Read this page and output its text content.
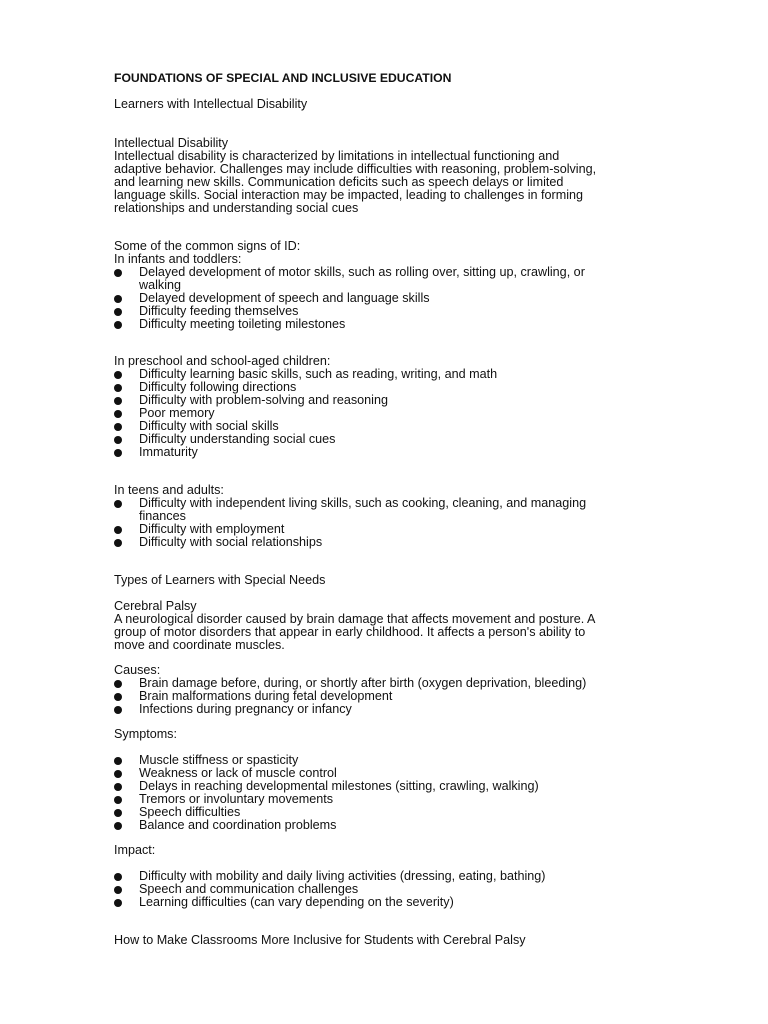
FOUNDATIONS OF SPECIAL AND INCLUSIVE EDUCATION

Learners with Intellectual Disability

Intellectual Disability

Intellectual disability is characterized by limitations in intellectual functioning and

adaptive behavior. Challenges may include difficulties with reasoning, problem-solving,

and learning new skills. Communication deficits such as speech delays or limited

language skills. Social interaction may be impacted, leading to challenges in forming

relationships and understanding social cues

Some of the common signs of ID:

In infants and toddlers:

Delayed development of motor skills, such as rolling over, sitting up, crawling, or
walking
Delayed development of speech and language skills
Difficulty feeding themselves
Difficulty meeting toileting milestones

In preschool and school-aged children:

Difficulty learning basic skills, such as reading, writing, and math
Difficulty following directions
Difficulty with problem-solving and reasoning
Poor memory
Difficulty with social skills
Difficulty understanding social cues
Immaturity

In teens and adults:

Difficulty with independent living skills, such as cooking, cleaning, and managing
finances
Difficulty with employment
Difficulty with social relationships

Types of Learners with Special Needs

Cerebral Palsy

A neurological disorder caused by brain damage that affects movement and posture. A

group of motor disorders that appear in early childhood. It affects a person's ability to

move and coordinate muscles.

Causes:

Brain damage before, during, or shortly after birth (oxygen deprivation, bleeding)
Brain malformations during fetal development
Infections during pregnancy or infancy

Symptoms:

Muscle stiffness or spasticity
Weakness or lack of muscle control
Delays in reaching developmental milestones (sitting, crawling, walking)
Tremors or involuntary movements
Speech difficulties
Balance and coordination problems

Impact:

Difficulty with mobility and daily living activities (dressing, eating, bathing)
Speech and communication challenges
Learning difficulties (can vary depending on the severity)

How to Make Classrooms More Inclusive for Students with Cerebral Palsy
